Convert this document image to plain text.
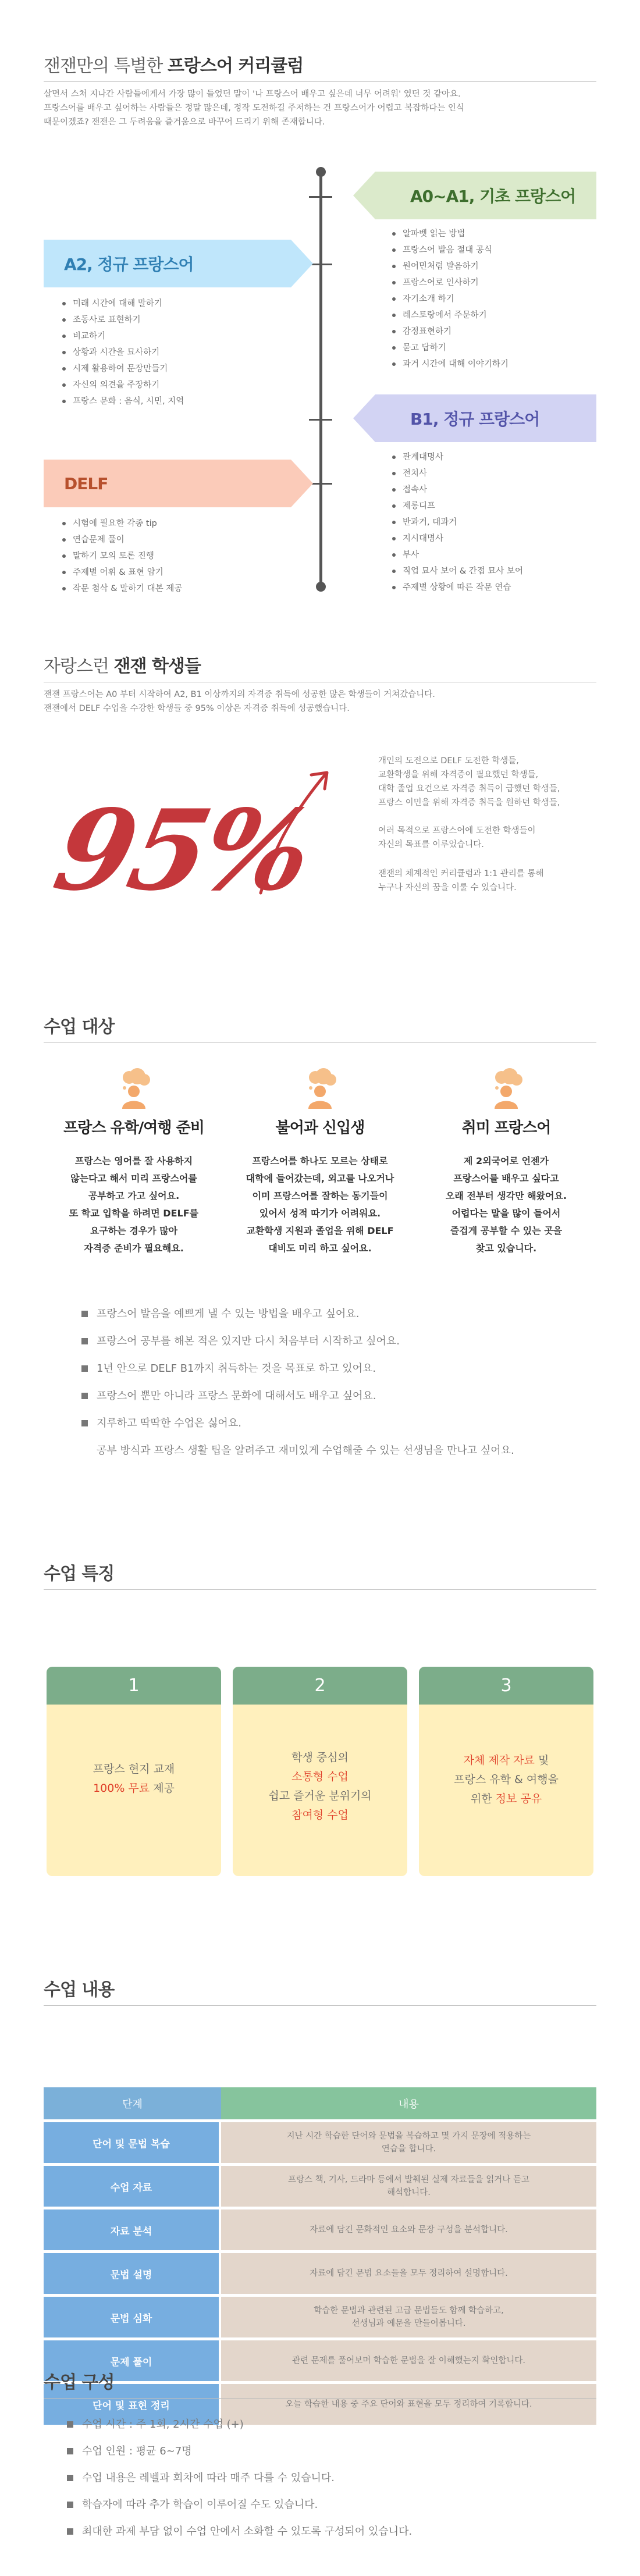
잰잰만의 특별한 프랑스어 커리큘럼
살면서 스쳐 지나간 사람들에게서 가장 많이 들었던 말이 '나 프랑스어 배우고 싶은데 너무 어려워' 였던 것 같아요.
프랑스어를 배우고 싶어하는 사람들은 정말 많은데, 정작 도전하길 주저하는 건 프랑스어가 어렵고 복잡하다는 인식
때문이겠죠? 잰잰은 그 두려움을 즐거움으로 바꾸어 드리기 위해 존재합니다.
A0~A1, 기초 프랑스어
알파벳 읽는 방법
프랑스어 발음 절대 공식
원어민처럼 발음하기
프랑스어로 인사하기
자기소개 하기
레스토랑에서 주문하기
감정표현하기
묻고 답하기
과거 시간에 대해 이야기하기
A2, 정규 프랑스어
미래 시간에 대해 말하기
조동사로 표현하기
비교하기
상황과 시간을 묘사하기
시제 활용하여 문장만들기
자신의 의견을 주장하기
프랑스 문화 : 음식, 시민, 지역
B1, 정규 프랑스어
관계대명사
전치사
접속사
제롱디프
반과거, 대과거
지시대명사
부사
직업 묘사 보어 & 간접 묘사 보어
주제별 상황에 따른 작문 연습
DELF
시험에 필요한 각종 tip
연습문제 풀이
말하기 모의 토론 진행
주제별 어휘 & 표현 암기
작문 첨삭 & 말하기 대본 제공
자랑스런 잰잰 학생들
잰잰 프랑스어는 A0 부터 시작하여 A2, B1 이상까지의 자격증 취득에 성공한 많은 학생들이 거쳐갔습니다.
잰잰에서 DELF 수업을 수강한 학생들 중 95% 이상은 자격증 취득에 성공했습니다.
95%
개인의 도전으로 DELF 도전한 학생들,
교환학생을 위해 자격증이 필요했던 학생들,
대학 졸업 요건으로 자격증 취득이 급했던 학생들,
프랑스 이민을 위해 자격증 취득을 원하던 학생들,
여러 목적으로 프랑스어에 도전한 학생들이
자신의 목표를 이루었습니다.
잰잰의 체계적인 커리큘럼과 1:1 관리를 통해
누구나 자신의 꿈을 이룰 수 있습니다.
수업 대상
프랑스 유학/여행 준비
프랑스는 영어를 잘 사용하지
않는다고 해서 미리 프랑스어를
공부하고 가고 싶어요.
또 학교 입학을 하려면 DELF를
요구하는 경우가 많아
자격증 준비가 필요해요.
불어과 신입생
프랑스어를 하나도 모르는 상태로
대학에 들어갔는데, 외고를 나오거나
이미 프랑스어를 잘하는 동기들이
있어서 성적 따기가 어려워요.
교환학생 지원과 졸업을 위해 DELF
대비도 미리 하고 싶어요.
취미 프랑스어
제 2외국어로 언젠가
프랑스어를 배우고 싶다고
오래 전부터 생각만 해왔어요.
어렵다는 말을 많이 들어서
즐겁게 공부할 수 있는 곳을
찾고 있습니다.
프랑스어 발음을 예쁘게 낼 수 있는 방법을 배우고 싶어요.
프랑스어 공부를 해본 적은 있지만 다시 처음부터 시작하고 싶어요.
1년 안으로 DELF B1까지 취득하는 것을 목표로 하고 있어요.
프랑스어 뿐만 아니라 프랑스 문화에 대해서도 배우고 싶어요.
지루하고 딱딱한 수업은 싫어요.
공부 방식과 프랑스 생활 팁을 알려주고 재미있게 수업해줄 수 있는 선생님을 만나고 싶어요.
수업 특징
1
프랑스 현지 교재
100% 무료 제공
2
학생 중심의
소통형 수업
쉽고 즐거운 분위기의
참여형 수업
3
자체 제작 자료 및
프랑스 유학 & 여행을
위한 정보 공유
수업 내용
단계	내용
단어 및 문법 복습	지난 시간 학습한 단어와 문법을 복습하고 몇 가지 문장에 적용하는
연습을 합니다.

수업 자료	프랑스 책, 기사, 드라마 등에서 발췌된 실제 자료들을 읽거나 듣고
해석합니다.

자료 분석	자료에 담긴 문화적인 요소와 문장 구성을 분석합니다.

문법 설명	자료에 담긴 문법 요소들을 모두 정리하여 설명합니다.

문법 심화	학습한 문법과 관련된 고급 문법들도 함께 학습하고,
선생님과 예문을 만들어봅니다.

문제 풀이	관련 문제를 풀어보며 학습한 문법을 잘 이해했는지 확인합니다.

단어 및 표현 정리	오늘 학습한 내용 중 주요 단어와 표현을 모두 정리하여 기록합니다.
수업 구성
수업 시간 : 주 1회, 2시간 수업 (+)
수업 인원 : 평균 6~7명
수업 내용은 레벨과 회차에 따라 매주 다를 수 있습니다.
학습자에 따라 추가 학습이 이루어질 수도 있습니다.
최대한 과제 부담 없이 수업 안에서 소화할 수 있도록 구성되어 있습니다.
